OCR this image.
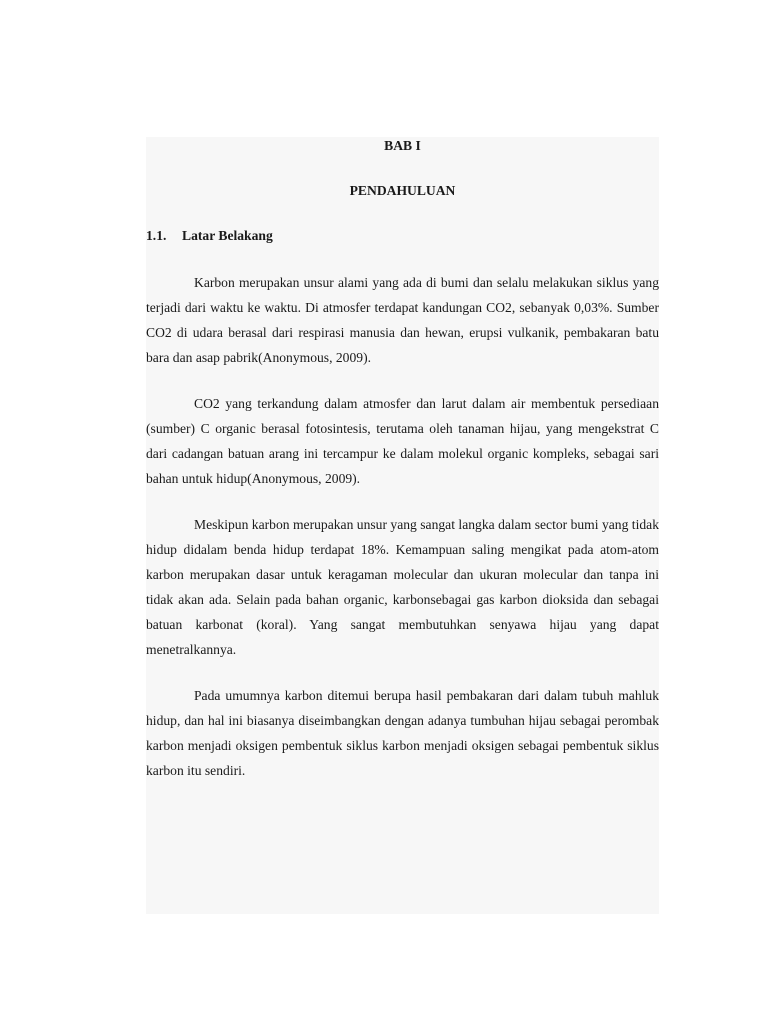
BAB I
PENDAHULUAN
1.1. Latar Belakang

Karbon merupakan unsur alami yang ada di bumi dan selalu melakukan siklus yang terjadi dari waktu ke waktu. Di atmosfer terdapat kandungan CO2, sebanyak 0,03%. Sumber CO2 di udara berasal dari respirasi manusia dan hewan, erupsi vulkanik, pembakaran batu bara dan asap pabrik(Anonymous, 2009).

CO2 yang terkandung dalam atmosfer dan larut dalam air membentuk persediaan (sumber) C organic berasal fotosintesis, terutama oleh tanaman hijau, yang mengekstrat C dari cadangan batuan arang ini tercampur ke dalam molekul organic kompleks, sebagai sari bahan untuk hidup(Anonymous, 2009).

Meskipun karbon merupakan unsur yang sangat langka dalam sector bumi yang tidak hidup didalam benda hidup terdapat 18%. Kemampuan saling mengikat pada atom-atom karbon merupakan dasar untuk keragaman molecular dan ukuran molecular dan tanpa ini tidak akan ada. Selain pada bahan organic, karbonsebagai gas karbon dioksida dan sebagai batuan karbonat (koral). Yang sangat membutuhkan senyawa hijau yang dapat menetralkannya.

Pada umumnya karbon ditemui berupa hasil pembakaran dari dalam tubuh mahluk hidup, dan hal ini biasanya diseimbangkan dengan adanya tumbuhan hijau sebagai perombak karbon menjadi oksigen pembentuk siklus karbon menjadi oksigen sebagai pembentuk siklus karbon itu sendiri.
